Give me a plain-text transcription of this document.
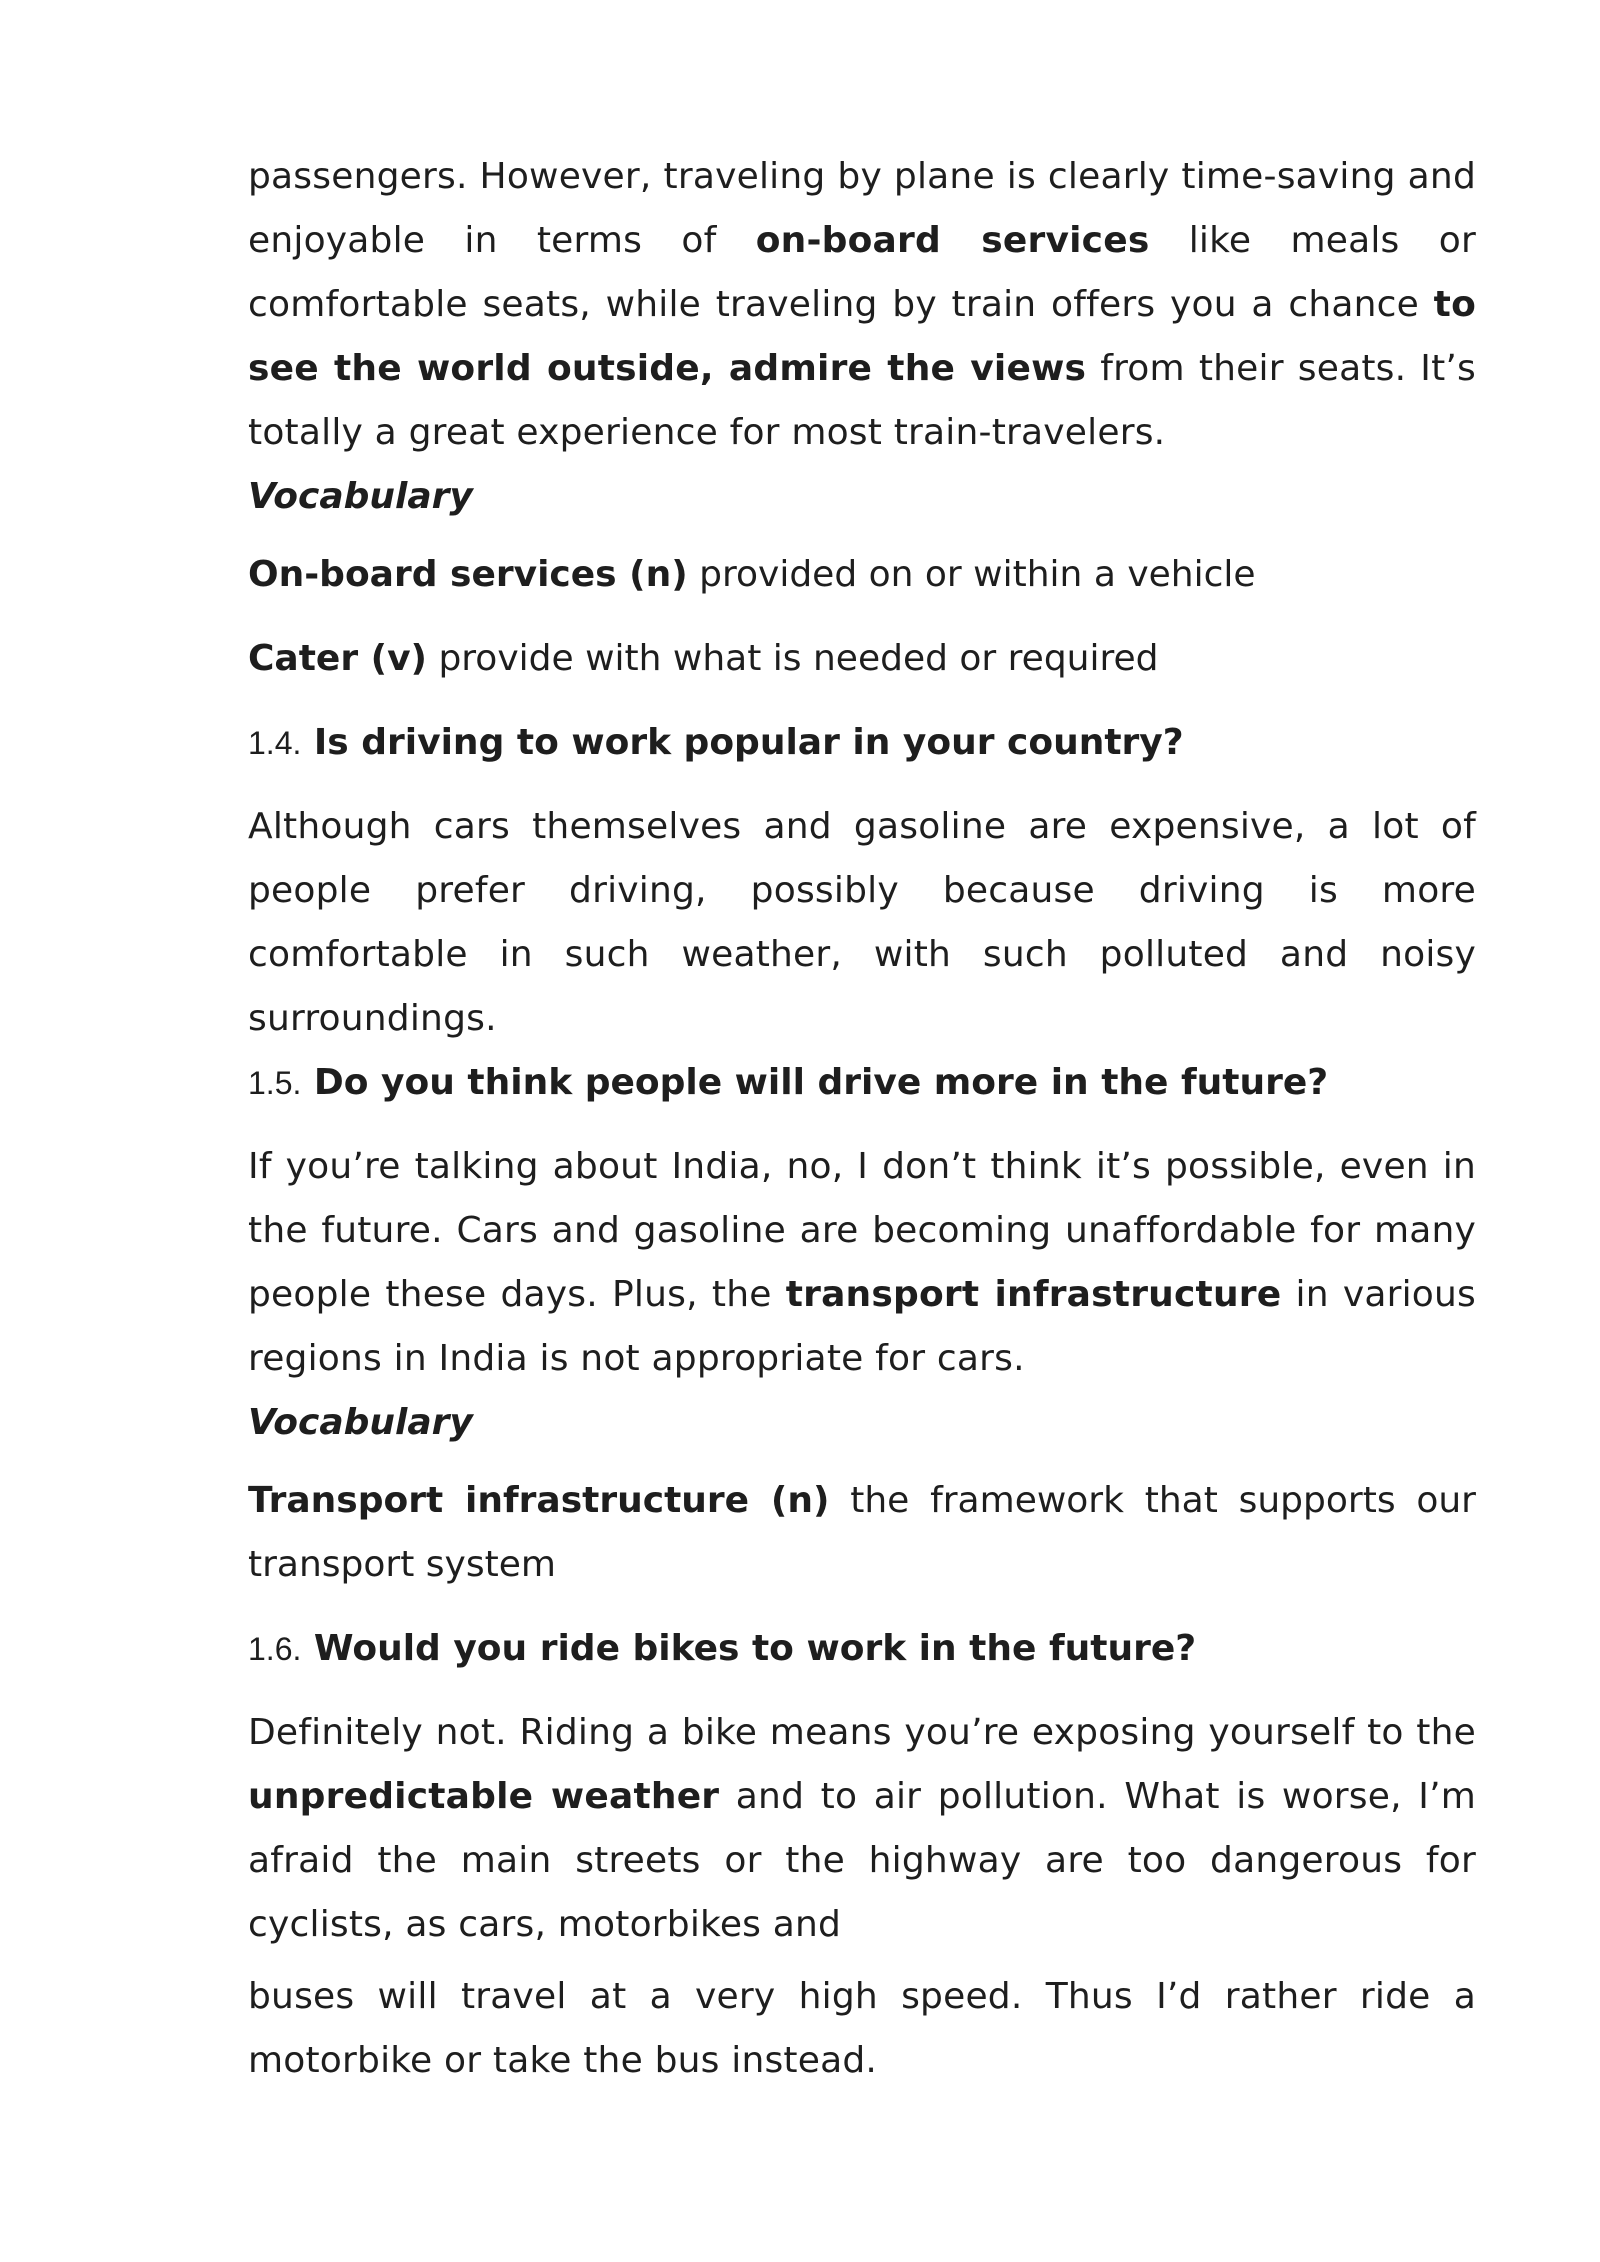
passengers. However, traveling by plane is clearly time-saving and enjoyable in terms of on-board services like meals or comfortable seats, while traveling by train offers you a chance to see the world outside, admire the views from their seats. It’s totally a great experience for most train-travelers.

Vocabulary

On-board services (n) provided on or within a vehicle

Cater (v) provide with what is needed or required

1.4. Is driving to work popular in your country?

Although cars themselves and gasoline are expensive, a lot of people prefer driving, possibly because driving is more comfortable in such weather, with such polluted and noisy surroundings.

1.5. Do you think people will drive more in the future?

If you’re talking about India, no, I don’t think it’s possible, even in the future. Cars and gasoline are becoming unaffordable for many people these days. Plus, the transport infrastructure in various regions in India is not appropriate for cars.

Vocabulary

Transport infrastructure (n) the framework that supports our transport system

1.6. Would you ride bikes to work in the future?

Definitely not. Riding a bike means you’re exposing yourself to the unpredictable weather and to air pollution. What is worse, I’m afraid the main streets or the highway are too dangerous for cyclists, as cars, motorbikes and

buses will travel at a very high speed. Thus I’d rather ride a motorbike or take the bus instead.
